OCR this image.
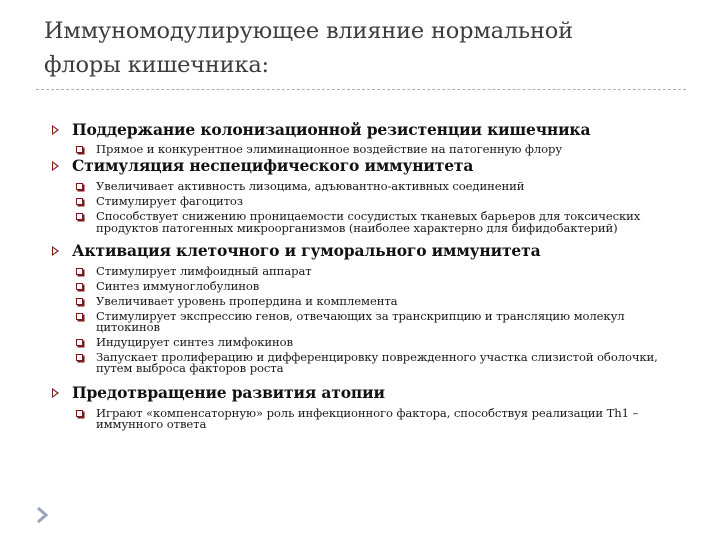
Иммуномодулирующее влияние нормальной
флоры кишечника:
Поддержание колонизационной резистенции кишечника
Прямое и конкурентное элиминационное воздействие на патогенную флору
Стимуляция неспецифического иммунитета
Увеличивает активность лизоцима, адъювантно-активных соединений
Стимулирует фагоцитоз
Способствует снижению проницаемости сосудистых тканевых барьеров для токсических продуктов патогенных микроорганизмов (наиболее характерно для бифидобактерий)
Активация клеточного и гуморального иммунитета
Стимулирует лимфоидный аппарат
Синтез иммуноглобулинов
Увеличивает уровень пропердина и комплемента
Стимулирует экспрессию генов, отвечающих за транскрипцию и трансляцию молекул цитокинов
Индуцирует синтез лимфокинов
Запускает пролиферацию и дифференцировку поврежденного участка слизистой оболочки, путем выброса факторов роста
Предотвращение развития атопии
Играют «компенсаторную» роль инфекционного фактора, способствуя реализации Th1 – иммунного ответа
